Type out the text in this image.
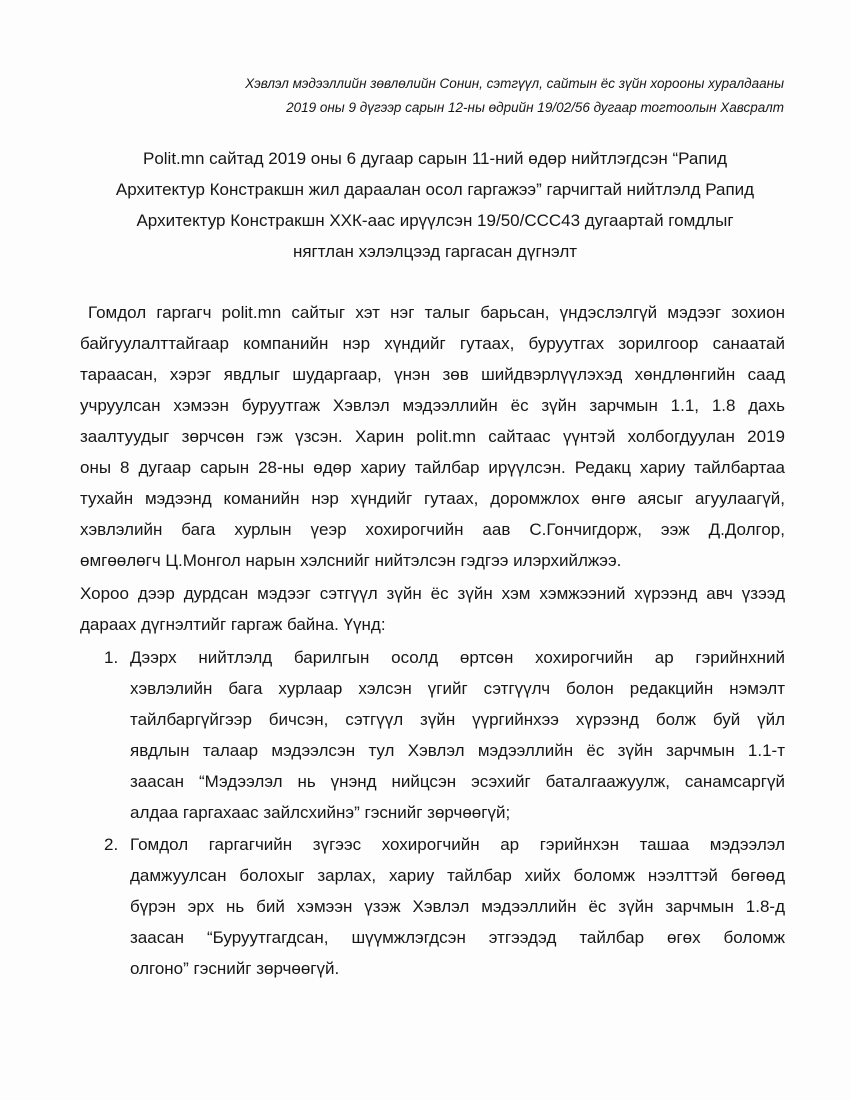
Хэвлэл мэдээллийн зөвлөлийн Сонин, сэтгүүл, сайтын ёс зүйн хорооны хуралдааны
2019 оны 9 дүгээр сарын 12-ны өдрийн 19/02/56 дугаар тогтоолын Хавсралт
Polit.mn сайтад 2019 оны 6 дугаар сарын 11-ний өдөр нийтлэгдсэн “Рапид
Архитектур Констракшн жил дараалан осол гаргажээ” гарчигтай нийтлэлд Рапид
Архитектур Констракшн ХХК-аас ирүүлсэн 19/50/ССС43 дугаартай гомдлыг
нягтлан хэлэлцээд гаргасан дүгнэлт
Гомдол гаргагч polit.mn сайтыг хэт нэг талыг барьсан, үндэслэлгүй мэдээг зохион
байгуулалттайгаар компанийн нэр хүндийг гутаах, буруутгах зорилгоор санаатай
тараасан, хэрэг явдлыг шударгаар, үнэн зөв шийдвэрлүүлэхэд хөндлөнгийн саад
учруулсан хэмээн буруутгаж Хэвлэл мэдээллийн ёс зүйн зарчмын 1.1, 1.8 дахь
заалтуудыг зөрчсөн гэж үзсэн. Харин polit.mn сайтаас үүнтэй холбогдуулан 2019
оны 8 дугаар сарын 28-ны өдөр хариу тайлбар ирүүлсэн. Редакц хариу тайлбартаа
тухайн мэдээнд команийн нэр хүндийг гутаах, доромжлох өнгө аясыг агуулаагүй,
хэвлэлийн бага хурлын үеэр хохирогчийн аав С.Гончигдорж, ээж Д.Долгор,
өмгөөлөгч Ц.Монгол нарын хэлснийг нийтэлсэн гэдгээ илэрхийлжээ.
Хороо дээр дурдсан мэдээг сэтгүүл зүйн ёс зүйн хэм хэмжээний хүрээнд авч үзээд
дараах дүгнэлтийг гаргаж байна. Үүнд:
1. Дээрх нийтлэлд барилгын осолд өртсөн хохирогчийн ар гэрийнхний
хэвлэлийн бага хурлаар хэлсэн үгийг сэтгүүлч болон редакцийн нэмэлт
тайлбаргүйгээр бичсэн, сэтгүүл зүйн үүргийнхээ хүрээнд болж буй үйл
явдлын талаар мэдээлсэн тул Хэвлэл мэдээллийн ёс зүйн зарчмын 1.1-т
заасан “Мэдээлэл нь үнэнд нийцсэн эсэхийг баталгаажуулж, санамсаргүй
алдаа гаргахаас зайлсхийнэ” гэснийг зөрчөөгүй;
2. Гомдол гаргагчийн зүгээс хохирогчийн ар гэрийнхэн ташаа мэдээлэл
дамжуулсан болохыг зарлах, хариу тайлбар хийх боломж нээлттэй бөгөөд
бүрэн эрх нь бий хэмээн үзэж Хэвлэл мэдээллийн ёс зүйн зарчмын 1.8-д
заасан “Буруутгагдсан, шүүмжлэгдсэн этгээдэд тайлбар өгөх боломж
олгоно” гэснийг зөрчөөгүй.
